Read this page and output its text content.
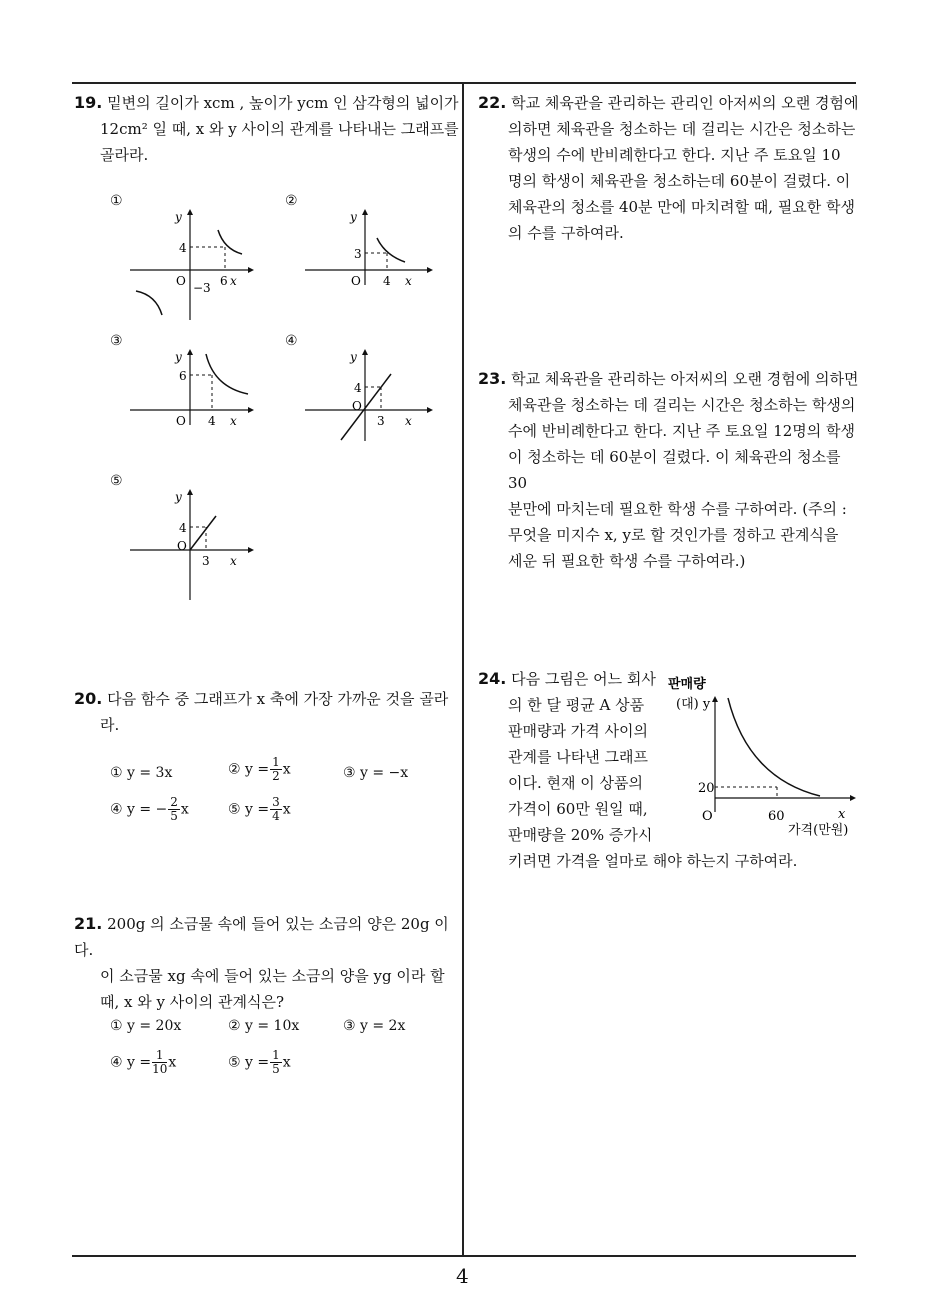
19. 밑변의 길이가 xcm , 높이가 ycm 인 삼각형의 넓이가
12cm² 일 때, x 와 y 사이의 관계를 나타내는 그래프를
골라라.
①	②
③	④
⑤
y
4
O −3 6 x
y
3
O 4 x
y
6
O 4 x
y
4
O
3 x
y
4
O
3 x
20. 다음 함수 중 그래프가 x 축에 가장 가까운 것을 골라
라.
① y = 3x	② $y = \frac{1}{2}$ x	③ y = −x
④ y = − $\frac{2}{5}$ x	⑤ $y = \frac{3}{4}$ x
21. 200g 의 소금물 속에 들어 있는 소금의 양은 20g 이다.
이 소금물 xg 속에 들어 있는 소금의 양을 yg 이라 할
때, x 와 y 사이의 관계식은?
① y = 20x	② y = 10x	③ y = 2x
④ $y = \frac{1}{10}$ x	⑤ $y = \frac{1}{5}$ x
22. 학교 체육관을 관리하는 관리인 아저씨의 오랜 경험에
의하면 체육관을 청소하는 데 걸리는 시간은 청소하는
학생의 수에 반비례한다고 한다. 지난 주 토요일 10
명의 학생이 체육관을 청소하는데 60분이 걸렸다. 이
체육관의 청소를 40분 만에 마치려할 때, 필요한 학생
의 수를 구하여라.
23. 학교 체육관을 관리하는 아저씨의 오랜 경험에 의하면
체육관을 청소하는 데 걸리는 시간은 청소하는 학생의
수에 반비례한다고 한다. 지난 주 토요일 12명의 학생
이 청소하는 데 60분이 걸렸다. 이 체육관의 청소를 30
분만에 마치는데 필요한 학생 수를 구하여라. (주의 :
무엇을 미지수 x, y로 할 것인가를 정하고 관계식을
세운 뒤 필요한 학생 수를 구하여라.)
24. 다음 그림은 어느 회사
의 한 달 평균 A 상품
판매량과 가격 사이의
관계를 나타낸 그래프
이다. 현재 이 상품의
가격이 60만 원일 때,
판매량을 20% 증가시
키려면 가격을 얼마로 해야 하는지 구하여라.
판매량
(대) y
20
O	60	x
가격(만원)
4
